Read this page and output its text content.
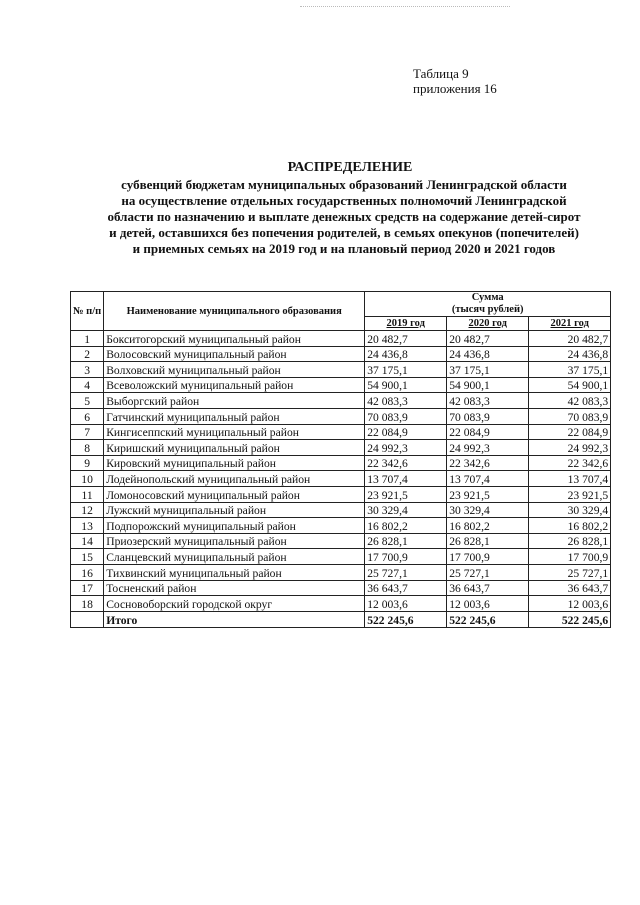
Таблица 9
приложения 16
РАСПРЕДЕЛЕНИЕ
субвенций бюджетам муниципальных образований Ленинградской области
на осуществление отдельных государственных полномочий Ленинградской
области по назначению и выплате денежных средств на содержание детей-сирот
и детей, оставшихся без попечения родителей, в семьях опекунов (попечителей)
и приемных семьях на 2019 год и на плановый период 2020 и 2021 годов
№ п/п	Наименование муниципального образования	Сумма
(тысяч рублей)		

		2019 год	2020 год	2021 год
1	Бокситогорский муниципальный район	20 482,7	20 482,7	20 482,7
2	Волосовский муниципальный район	24 436,8	24 436,8	24 436,8
3	Волховский муниципальный район	37 175,1	37 175,1	37 175,1
4	Всеволожский муниципальный район	54 900,1	54 900,1	54 900,1
5	Выборгский район	42 083,3	42 083,3	42 083,3
6	Гатчинский муниципальный район	70 083,9	70 083,9	70 083,9
7	Кингисеппский муниципальный район	22 084,9	22 084,9	22 084,9
8	Киришский муниципальный район	24 992,3	24 992,3	24 992,3
9	Кировский муниципальный район	22 342,6	22 342,6	22 342,6
10	Лодейнопольский муниципальный район	13 707,4	13 707,4	13 707,4
11	Ломоносовский муниципальный район	23 921,5	23 921,5	23 921,5
12	Лужский муниципальный район	30 329,4	30 329,4	30 329,4
13	Подпорожский муниципальный район	16 802,2	16 802,2	16 802,2
14	Приозерский муниципальный район	26 828,1	26 828,1	26 828,1
15	Сланцевский муниципальный район	17 700,9	17 700,9	17 700,9
16	Тихвинский муниципальный район	25 727,1	25 727,1	25 727,1
17	Тосненский район	36 643,7	36 643,7	36 643,7
18	Сосновоборский городской округ	12 003,6	12 003,6	12 003,6
	Итого	522 245,6	522 245,6	522 245,6
